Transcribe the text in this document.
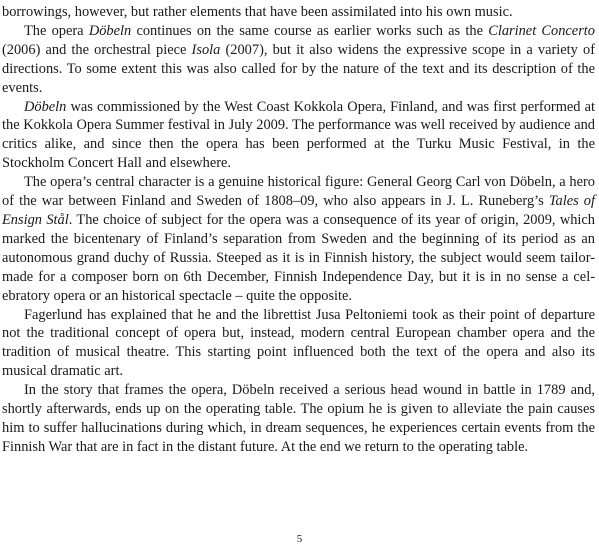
borrowings, however, but rather elements that have been assimilated into his own music.

The opera Döbeln continues on the same course as earlier works such as the Clarinet Concerto (2006) and the orchestral piece Isola (2007), but it also widens the expressive scope in a variety of directions. To some extent this was also called for by the nature of the text and its description of the events.

Döbeln was commissioned by the West Coast Kokkola Opera, Finland, and was first performed at the Kokkola Opera Summer festival in July 2009. The performance was well received by audience and critics alike, and since then the opera has been performed at the Turku Music Festival, in the Stockholm Concert Hall and elsewhere.

The opera’s central character is a genuine historical figure: General Georg Carl von Döbeln, a hero of the war between Finland and Sweden of 1808–09, who also appears in J. L. Runeberg’s Tales of Ensign Stål. The choice of subject for the opera was a consequence of its year of origin, 2009, which marked the bicentenary of Finland’s separation from Sweden and the beginning of its period as an autonomous grand duchy of Russia. Steeped as it is in Finnish history, the subject would seem tailor-made for a composer born on 6th December, Finnish Independence Day, but it is in no sense a celebratory opera or an historical spectacle – quite the opposite.

Fagerlund has explained that he and the librettist Jusa Peltoniemi took as their point of departure not the traditional concept of opera but, instead, modern central European chamber opera and the tradition of musical theatre. This starting point influenced both the text of the opera and also its musical dramatic art.

In the story that frames the opera, Döbeln received a serious head wound in battle in 1789 and, shortly afterwards, ends up on the operating table. The opium he is given to alleviate the pain causes him to suffer hallucinations during which, in dream sequences, he experiences certain events from the Finnish War that are in fact in the distant future. At the end we return to the operating table.

5
